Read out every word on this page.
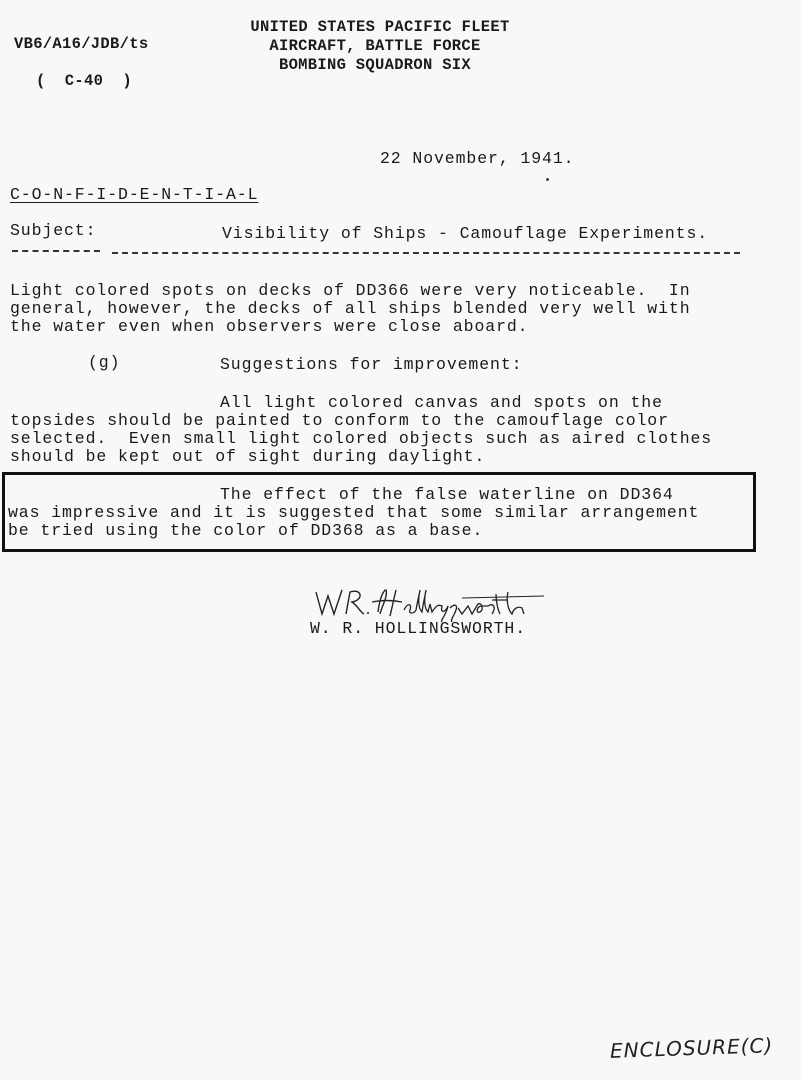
VB6/A16/JDB/ts
(  C-40  )
UNITED STATES PACIFIC FLEET
AIRCRAFT, BATTLE FORCE
BOMBING SQUADRON SIX
22 November, 1941.
C-O-N-F-I-D-E-N-T-I-A-L
Subject:	Visibility of Ships - Camouflage Experiments.
Light colored spots on decks of DD366 were very noticeable.  In
general, however, the decks of all ships blended very well with
the water even when observers were close aboard.
(g)	Suggestions for improvement:
All light colored canvas and spots on the
topsides should be painted to conform to the camouflage color
selected.  Even small light colored objects such as aired clothes
should be kept out of sight during daylight.
The effect of the false waterline on DD364
was impressive and it is suggested that some similar arrangement
be tried using the color of DD368 as a base.
W. R. HOLLINGSWORTH.
ENCLOSURE(C)
